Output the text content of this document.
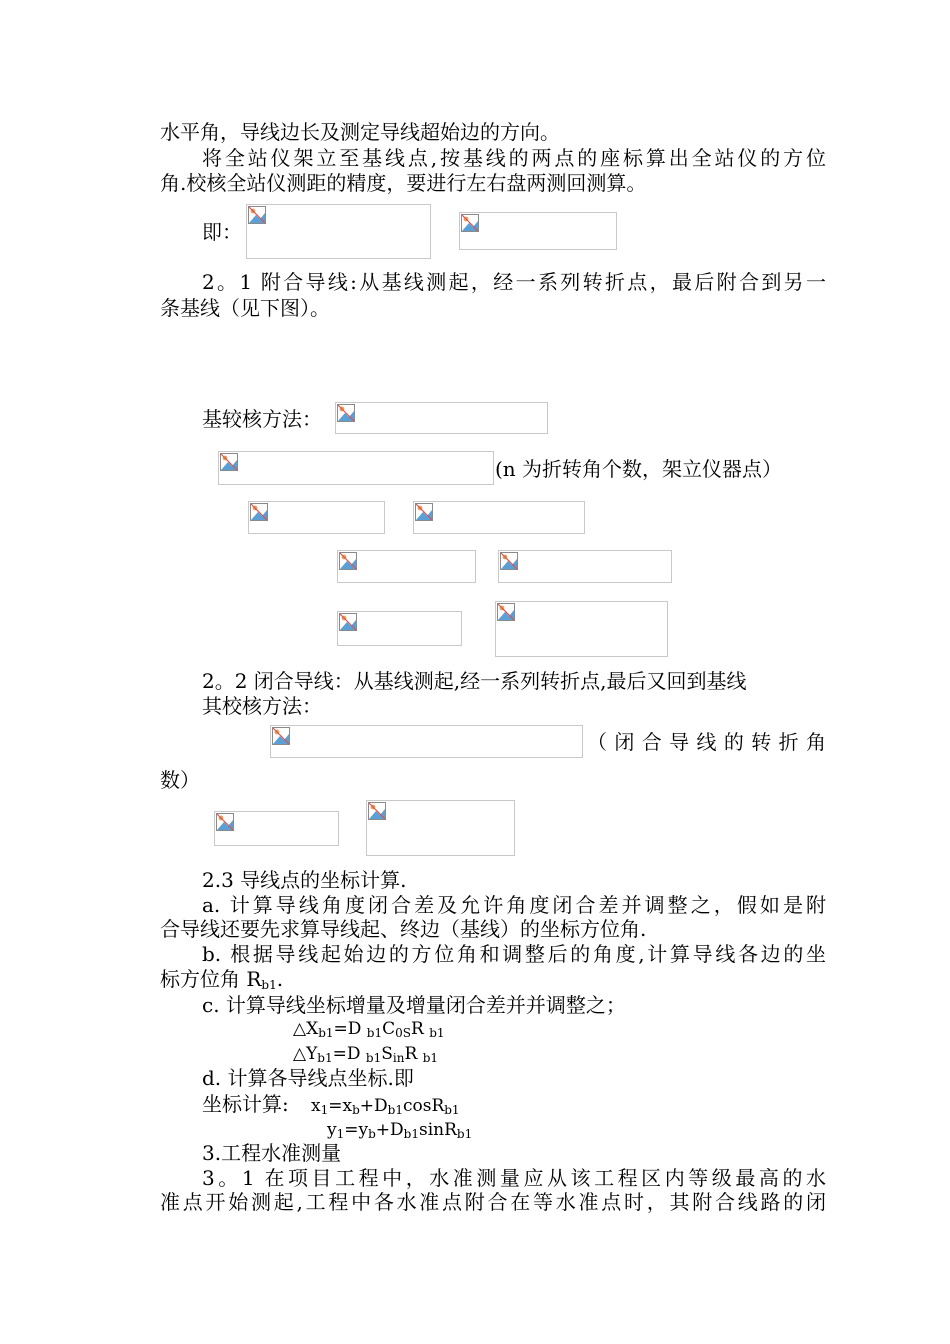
水平角，导线边长及测定导线超始边的方向。
将全站仪架立至基线点,按基线的两点的座标算出全站仪的方位
角.校核全站仪测距的精度，要进行左右盘两测回测算。
即：
2。1 附合导线:从基线测起，经一系列转折点，最后附合到另一
条基线（见下图）。
基较核方法：
(n 为折转角个数，架立仪器点）
2。2 闭合导线：从基线测起,经一系列转折点,最后又回到基线
其校核方法：
（闭合导线的转折角
数）
2.3 导线点的坐标计算.
a. 计算导线角度闭合差及允许角度闭合差并调整之，假如是附
合导线还要先求算导线起、终边（基线）的坐标方位角.
b. 根据导线起始边的方位角和调整后的角度,计算导线各边的坐
标方位角 $R_{b1}$.
c. 计算导线坐标增量及增量闭合差并并调整之；
$\triangle X_{b1}=D$ $_{b1}C_{0S}R$ $_{b1}$
$\triangle Y_{b1}=D$ $_{b1}S_{in}R$ $_{b1}$
d. 计算各导线点坐标.即
坐标计算: $x_1=x_b+D_{b1}\cos R_{b1}$
$y_1=y_b+D_{b1}\sin R_{b1}$
3.工程水准测量
3。1 在项目工程中，水准测量应从该工程区内等级最高的水
准点开始测起,工程中各水准点附合在等水准点时，其附合线路的闭
